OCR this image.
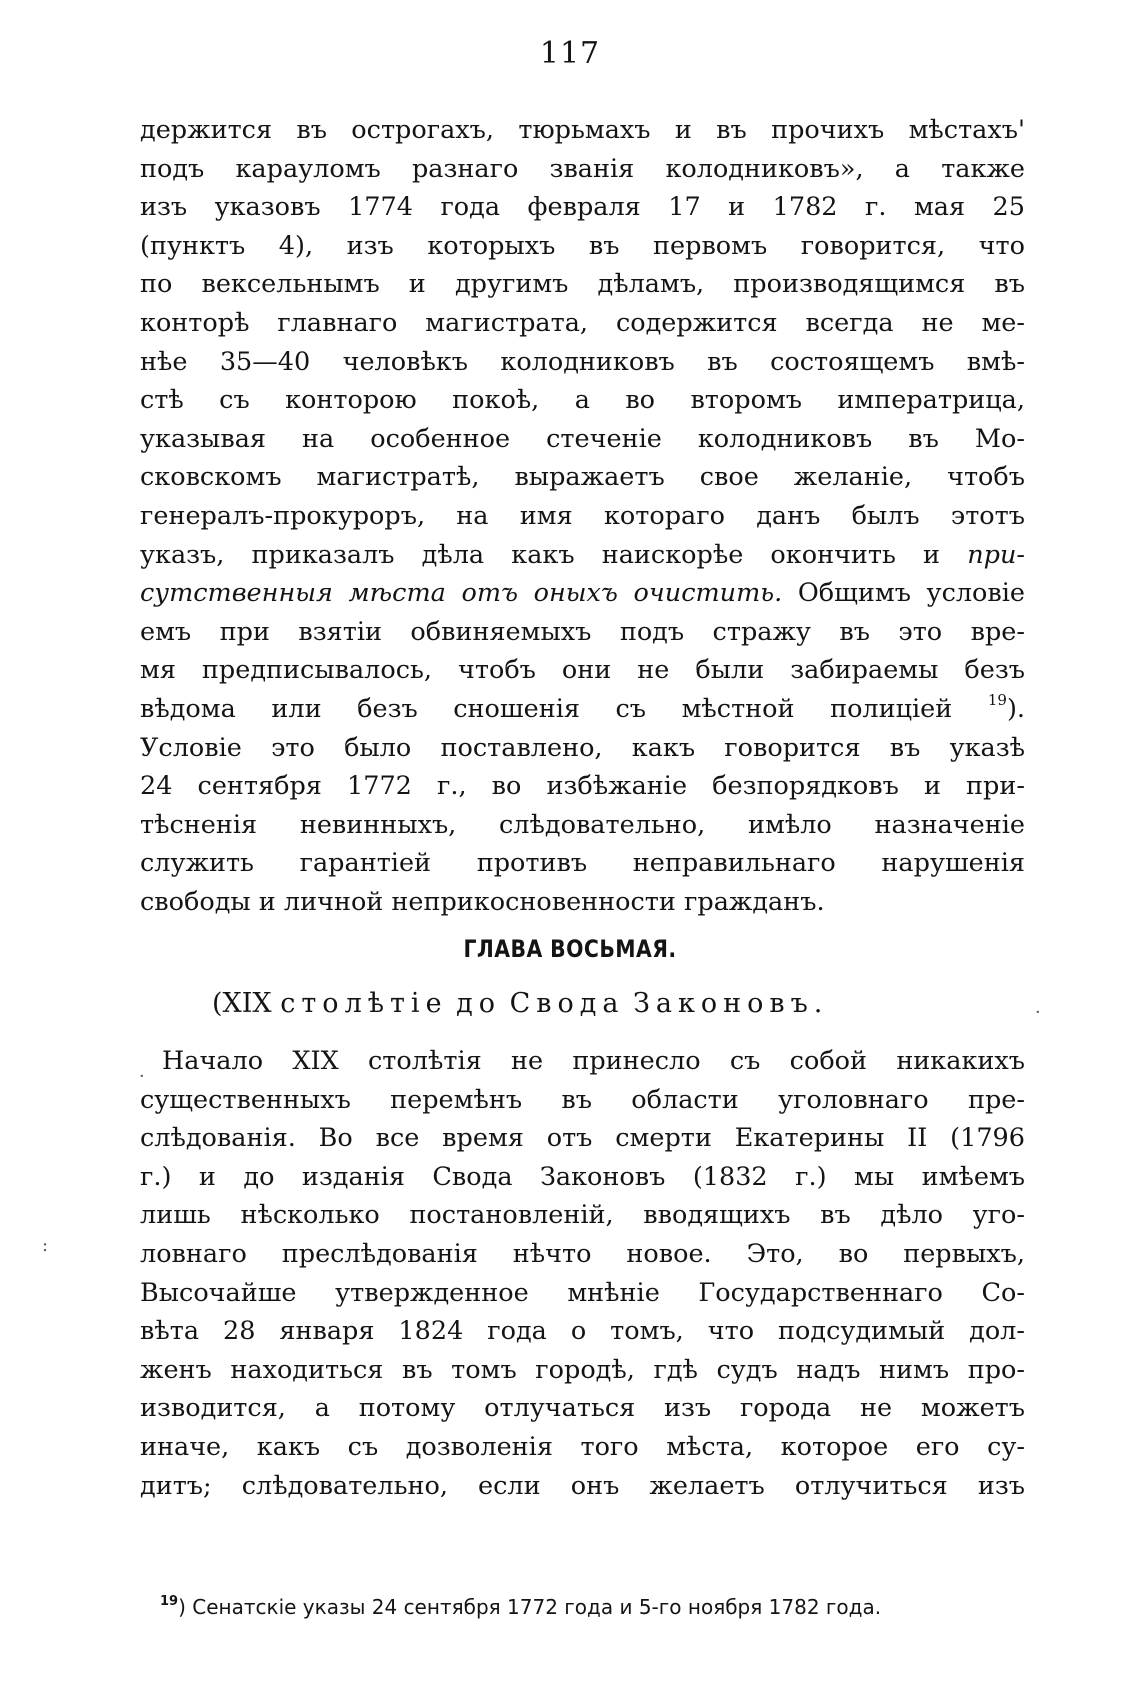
117
держится въ острогахъ, тюрьмахъ и въ прочихъ мѣстахъ'
подъ карауломъ разнаго званія колодниковъ», а также
изъ указовъ 1774 года февраля 17 и 1782 г. мая 25
(пунктъ 4), изъ которыхъ въ первомъ говорится, что
по вексельнымъ и другимъ дѣламъ, производящимся въ
конторѣ главнаго магистрата, содержится всегда не ме-
нѣе 35—40 человѣкъ колодниковъ въ состоящемъ вмѣ-
стѣ съ конторою покоѣ, а во второмъ императрица,
указывая на особенное стеченіе колодниковъ въ Мо-
сковскомъ магистратѣ, выражаетъ свое желаніе, чтобъ
генералъ-прокуроръ, на имя котораго данъ былъ этотъ
указъ, приказалъ дѣла какъ наискорѣе окончить и при-
сутственныя мѣста отъ оныхъ очистить. Общимъ условіе
емъ при взятіи обвиняемыхъ подъ стражу въ это вре-
мя предписывалось, чтобъ они не были забираемы безъ
вѣдома или безъ сношенія съ мѣстной полиціей $^{19}$).
Условіе это было поставлено, какъ говорится въ указѣ
24 сентября 1772 г., во избѣжаніе безпорядковъ и при-
тѣсненія невинныхъ, слѣдовательно, имѣло назначеніе
служить гарантіей противъ неправильнаго нарушенія
свободы и личной неприкосновенности гражданъ.
ГЛАВА ВОСЬМАЯ.
(XIX столѣтіе до Свода Законовъ.
Начало XIX столѣтія не принесло съ собой никакихъ
существенныхъ перемѣнъ въ области уголовнаго пре-
слѣдованія. Во все время отъ смерти Екатерины II (1796
г.) и до изданія Свода Законовъ (1832 г.) мы имѣемъ
лишь нѣсколько постановленій, вводящихъ въ дѣло уго-
ловнаго преслѣдованія нѣчто новое. Это, во первыхъ,
Высочайше утвержденное мнѣніе Государственнаго Со-
вѣта 28 января 1824 года о томъ, что подсудимый дол-
женъ находиться въ томъ городѣ, гдѣ судъ надъ нимъ про-
изводится, а потому отлучаться изъ города не можетъ
иначе, какъ съ дозволенія того мѣста, которое его су-
дитъ; слѣдовательно, если онъ желаетъ отлучиться изъ
$^{19}$) Сенатскіе указы 24 сентября 1772 года и 5-го ноября 1782 года.
·
·
:
